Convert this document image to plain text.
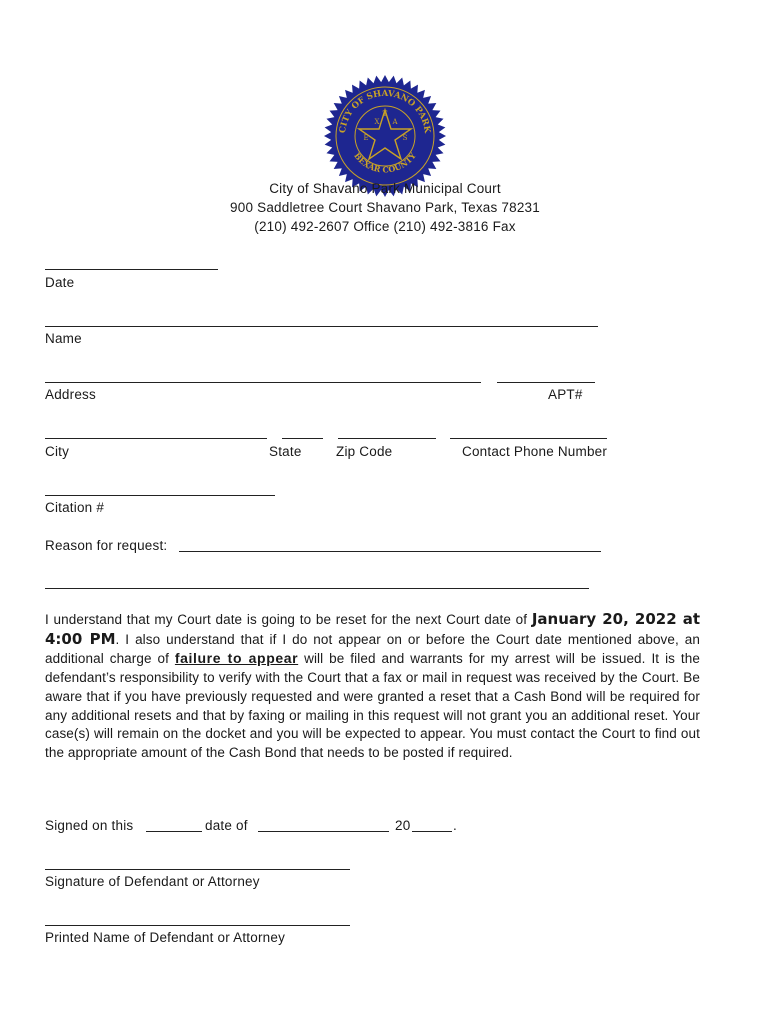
CITY OF SHAVANO PARK
BEXAR COUNTY
T
E
X A
S
City of Shavano Park Municipal Court
900 Saddletree Court Shavano Park, Texas 78231
(210) 492-2607 Office (210) 492-3816 Fax
Date
Name
Address	APT#
City	State	Zip Code	Contact Phone Number
Citation #
Reason for request:
I understand that my Court date is going to be reset for the next Court date of January 20, 2022 at 4:00 PM. I also understand that if I do not appear on or before the Court date mentioned above, an additional charge of failure to appear will be filed and warrants for my arrest will be issued. It is the defendant’s responsibility to verify with the Court that a fax or mail in request was received by the Court. Be aware that if you have previously requested and were granted a reset that a Cash Bond will be required for any additional resets and that by faxing or mailing in this request will not grant you an additional reset. Your case(s) will remain on the docket and you will be expected to appear. You must contact the Court to find out the appropriate amount of the Cash Bond that needs to be posted if required.
Signed on this	date of	20	.
Signature of Defendant or Attorney
Printed Name of Defendant or Attorney
